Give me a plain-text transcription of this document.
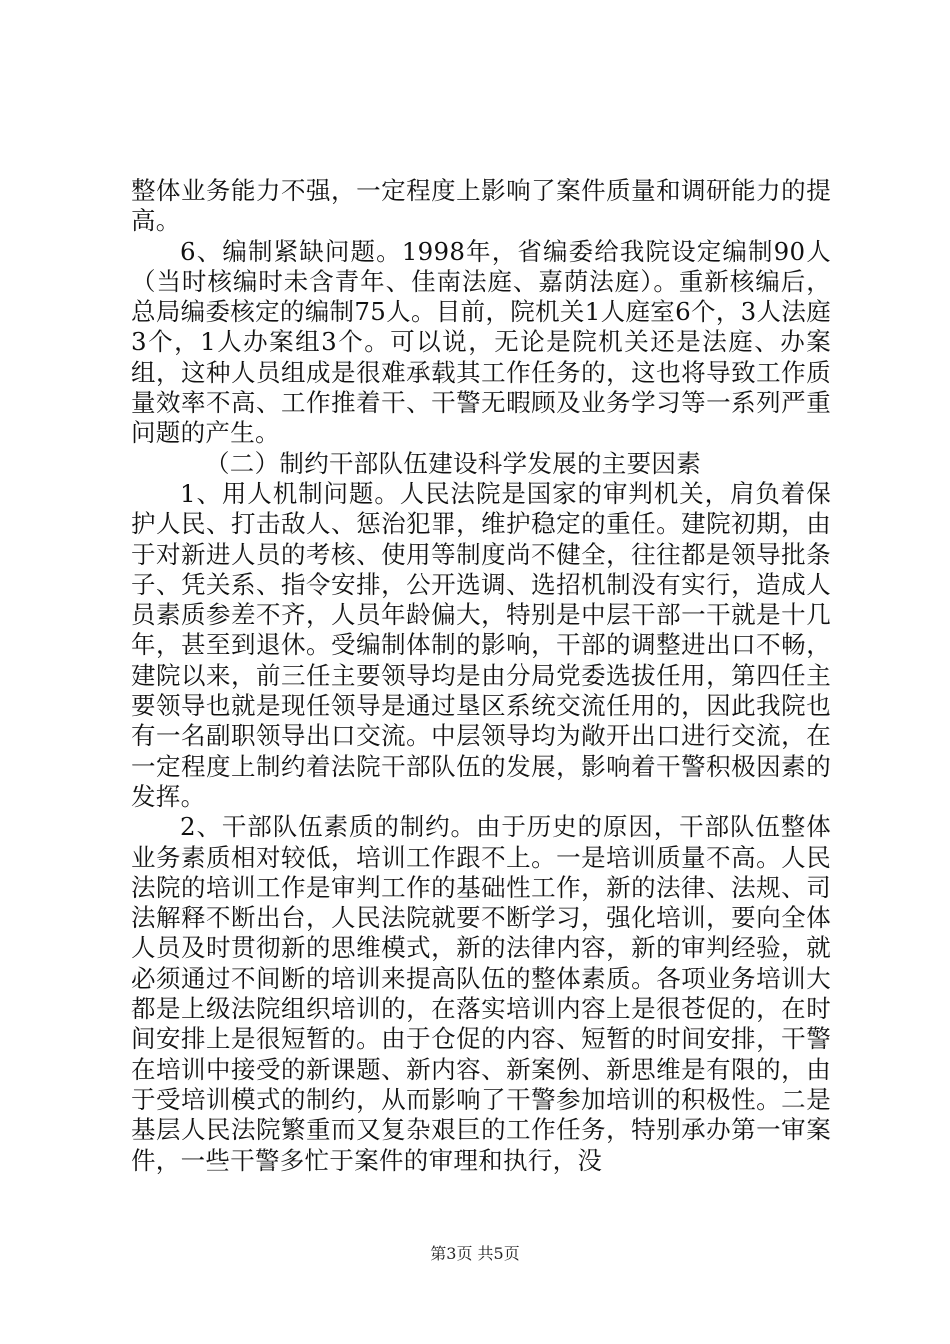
整体业务能力不强，一定程度上影响了案件质量和调研能力的提高。

6、编制紧缺问题。1998年，省编委给我院设定编制90人（当时核编时未含青年、佳南法庭、嘉荫法庭）。重新核编后，总局编委核定的编制75人。目前，院机关1人庭室6个，3人法庭3个，1人办案组3个。可以说，无论是院机关还是法庭、办案组，这种人员组成是很难承载其工作任务的，这也将导致工作质量效率不高、工作推着干、干警无暇顾及业务学习等一系列严重问题的产生。

（二）制约干部队伍建设科学发展的主要因素

1、用人机制问题。人民法院是国家的审判机关，肩负着保护人民、打击敌人、惩治犯罪，维护稳定的重任。建院初期，由于对新进人员的考核、使用等制度尚不健全，往往都是领导批条子、凭关系、指令安排，公开选调、选招机制没有实行，造成人员素质参差不齐，人员年龄偏大，特别是中层干部一干就是十几年，甚至到退休。受编制体制的影响，干部的调整进出口不畅，建院以来，前三任主要领导均是由分局党委选拔任用，第四任主要领导也就是现任领导是通过垦区系统交流任用的，因此我院也有一名副职领导出口交流。中层领导均为敞开出口进行交流，在一定程度上制约着法院干部队伍的发展，影响着干警积极因素的发挥。

2、干部队伍素质的制约。由于历史的原因，干部队伍整体业务素质相对较低，培训工作跟不上。一是培训质量不高。人民法院的培训工作是审判工作的基础性工作，新的法律、法规、司法解释不断出台，人民法院就要不断学习，强化培训，要向全体人员及时贯彻新的思维模式，新的法律内容，新的审判经验，就必须通过不间断的培训来提高队伍的整体素质。各项业务培训大都是上级法院组织培训的，在落实培训内容上是很苍促的，在时间安排上是很短暂的。由于仓促的内容、短暂的时间安排，干警在培训中接受的新课题、新内容、新案例、新思维是有限的，由于受培训模式的制约，从而影响了干警参加培训的积极性。二是基层人民法院繁重而又复杂艰巨的工作任务，特别承办第一审案件，一些干警多忙于案件的审理和执行，没

第3页 共5页
